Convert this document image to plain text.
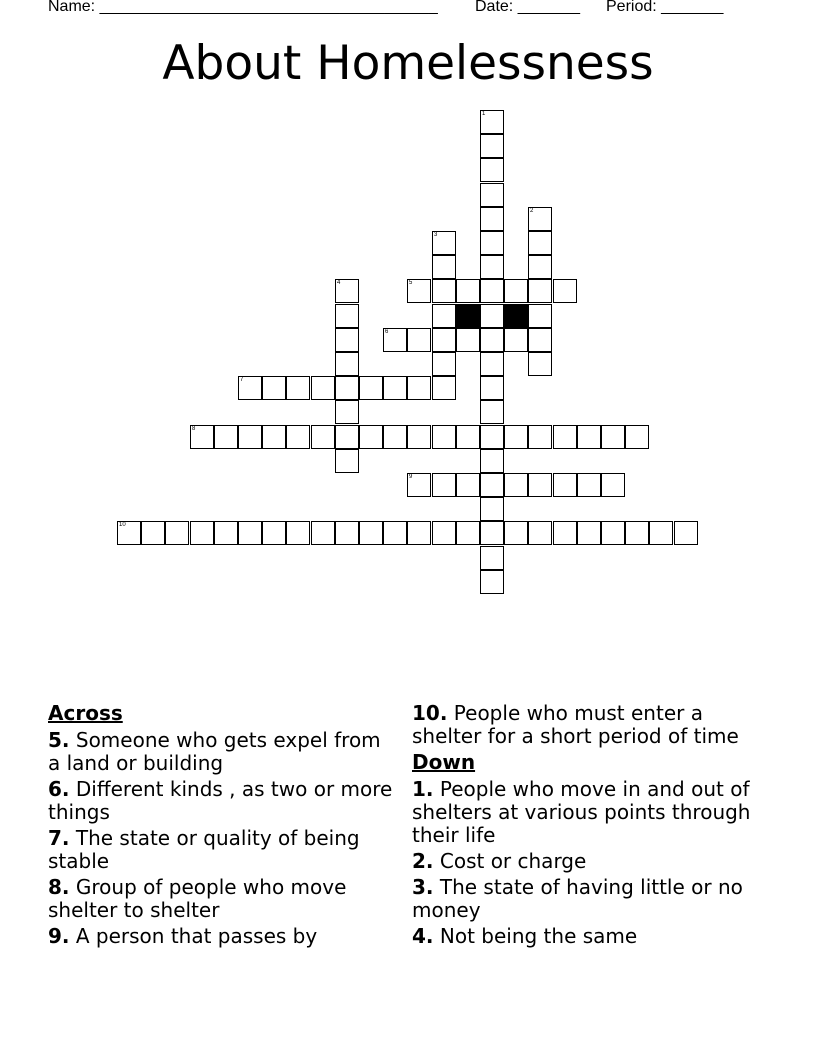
Name: ______________________________________

Date: _______

Period: _______

About Homelessness
1
2
3
4	5
6
7
8
9
10
Across
5. Someone who gets expel from a land or building
6. Different kinds , as two or more things
7. The state or quality of being stable
8. Group of people who move shelter to shelter
9. A person that passes by
10. People who must enter a shelter for a short period of time
Down
1. People who move in and out of shelters at various points through their life
2. Cost or charge
3. The state of having little or no money
4. Not being the same
